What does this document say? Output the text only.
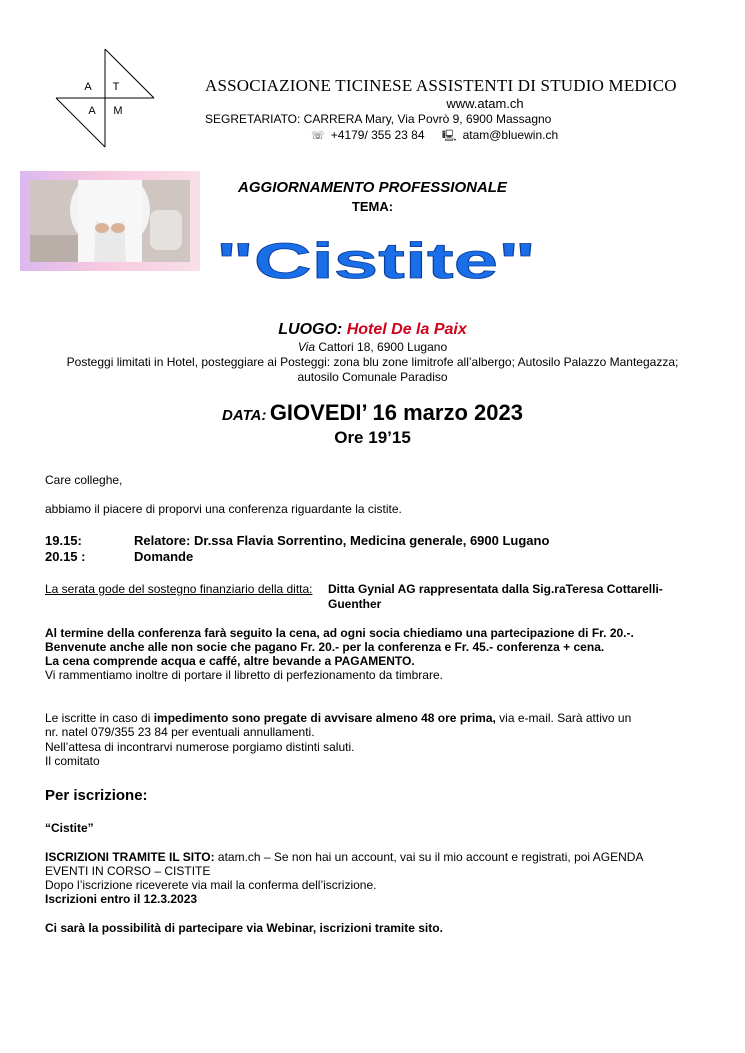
A T
A M
ASSOCIAZIONE TICINESE ASSISTENTI DI STUDIO MEDICO
www.atam.ch
SEGRETARIATO: CARRERA Mary, Via Povrò 9, 6900 Massagno
☏ +4179/ 355 23 84 🖳 atam@bluewin.ch
AGGIORNAMENTO PROFESSIONALE
TEMA:
"Cistite"
LUOGO: Hotel De la Paix
Via Cattori 18, 6900 Lugano
Posteggi limitati in Hotel, posteggiare ai Posteggi: zona blu zone limitrofe all’albergo; Autosilo Palazzo Mantegazza;
autosilo Comunale Paradiso
DATA: GIOVEDI’ 16 marzo 2023
Ore 19’15
Care colleghe,
abbiamo il piacere di proporvi una conferenza riguardante la cistite.
19.15:	Relatore: Dr.ssa Flavia Sorrentino, Medicina generale, 6900 Lugano
20.15 :	Domande
La serata gode del sostegno finanziario della ditta: Ditta Gynial AG rappresentata dalla Sig.raTeresa Cottarelli-
Guenther
Al termine della conferenza farà seguito la cena, ad ogni socia chiediamo una partecipazione di Fr. 20.-.
Benvenute anche alle non socie che pagano Fr. 20.- per la conferenza e Fr. 45.- conferenza + cena.
La cena comprende acqua e caffé, altre bevande a PAGAMENTO.
Vi rammentiamo inoltre di portare il libretto di perfezionamento da timbrare.
Le iscritte in caso di impedimento sono pregate di avvisare almeno 48 ore prima, via e-mail. Sarà attivo un
nr. natel 079/355 23 84 per eventuali annullamenti.
Nell’attesa di incontrarvi numerose porgiamo distinti saluti.
Il comitato
Per iscrizione:
“Cistite”
ISCRIZIONI TRAMITE IL SITO: atam.ch – Se non hai un account, vai su il mio account e registrati, poi AGENDA
EVENTI IN CORSO – CISTITE
Dopo l’iscrizione riceverete via mail la conferma dell’iscrizione.
Iscrizioni entro il 12.3.2023
Ci sarà la possibilità di partecipare via Webinar, iscrizioni tramite sito.
